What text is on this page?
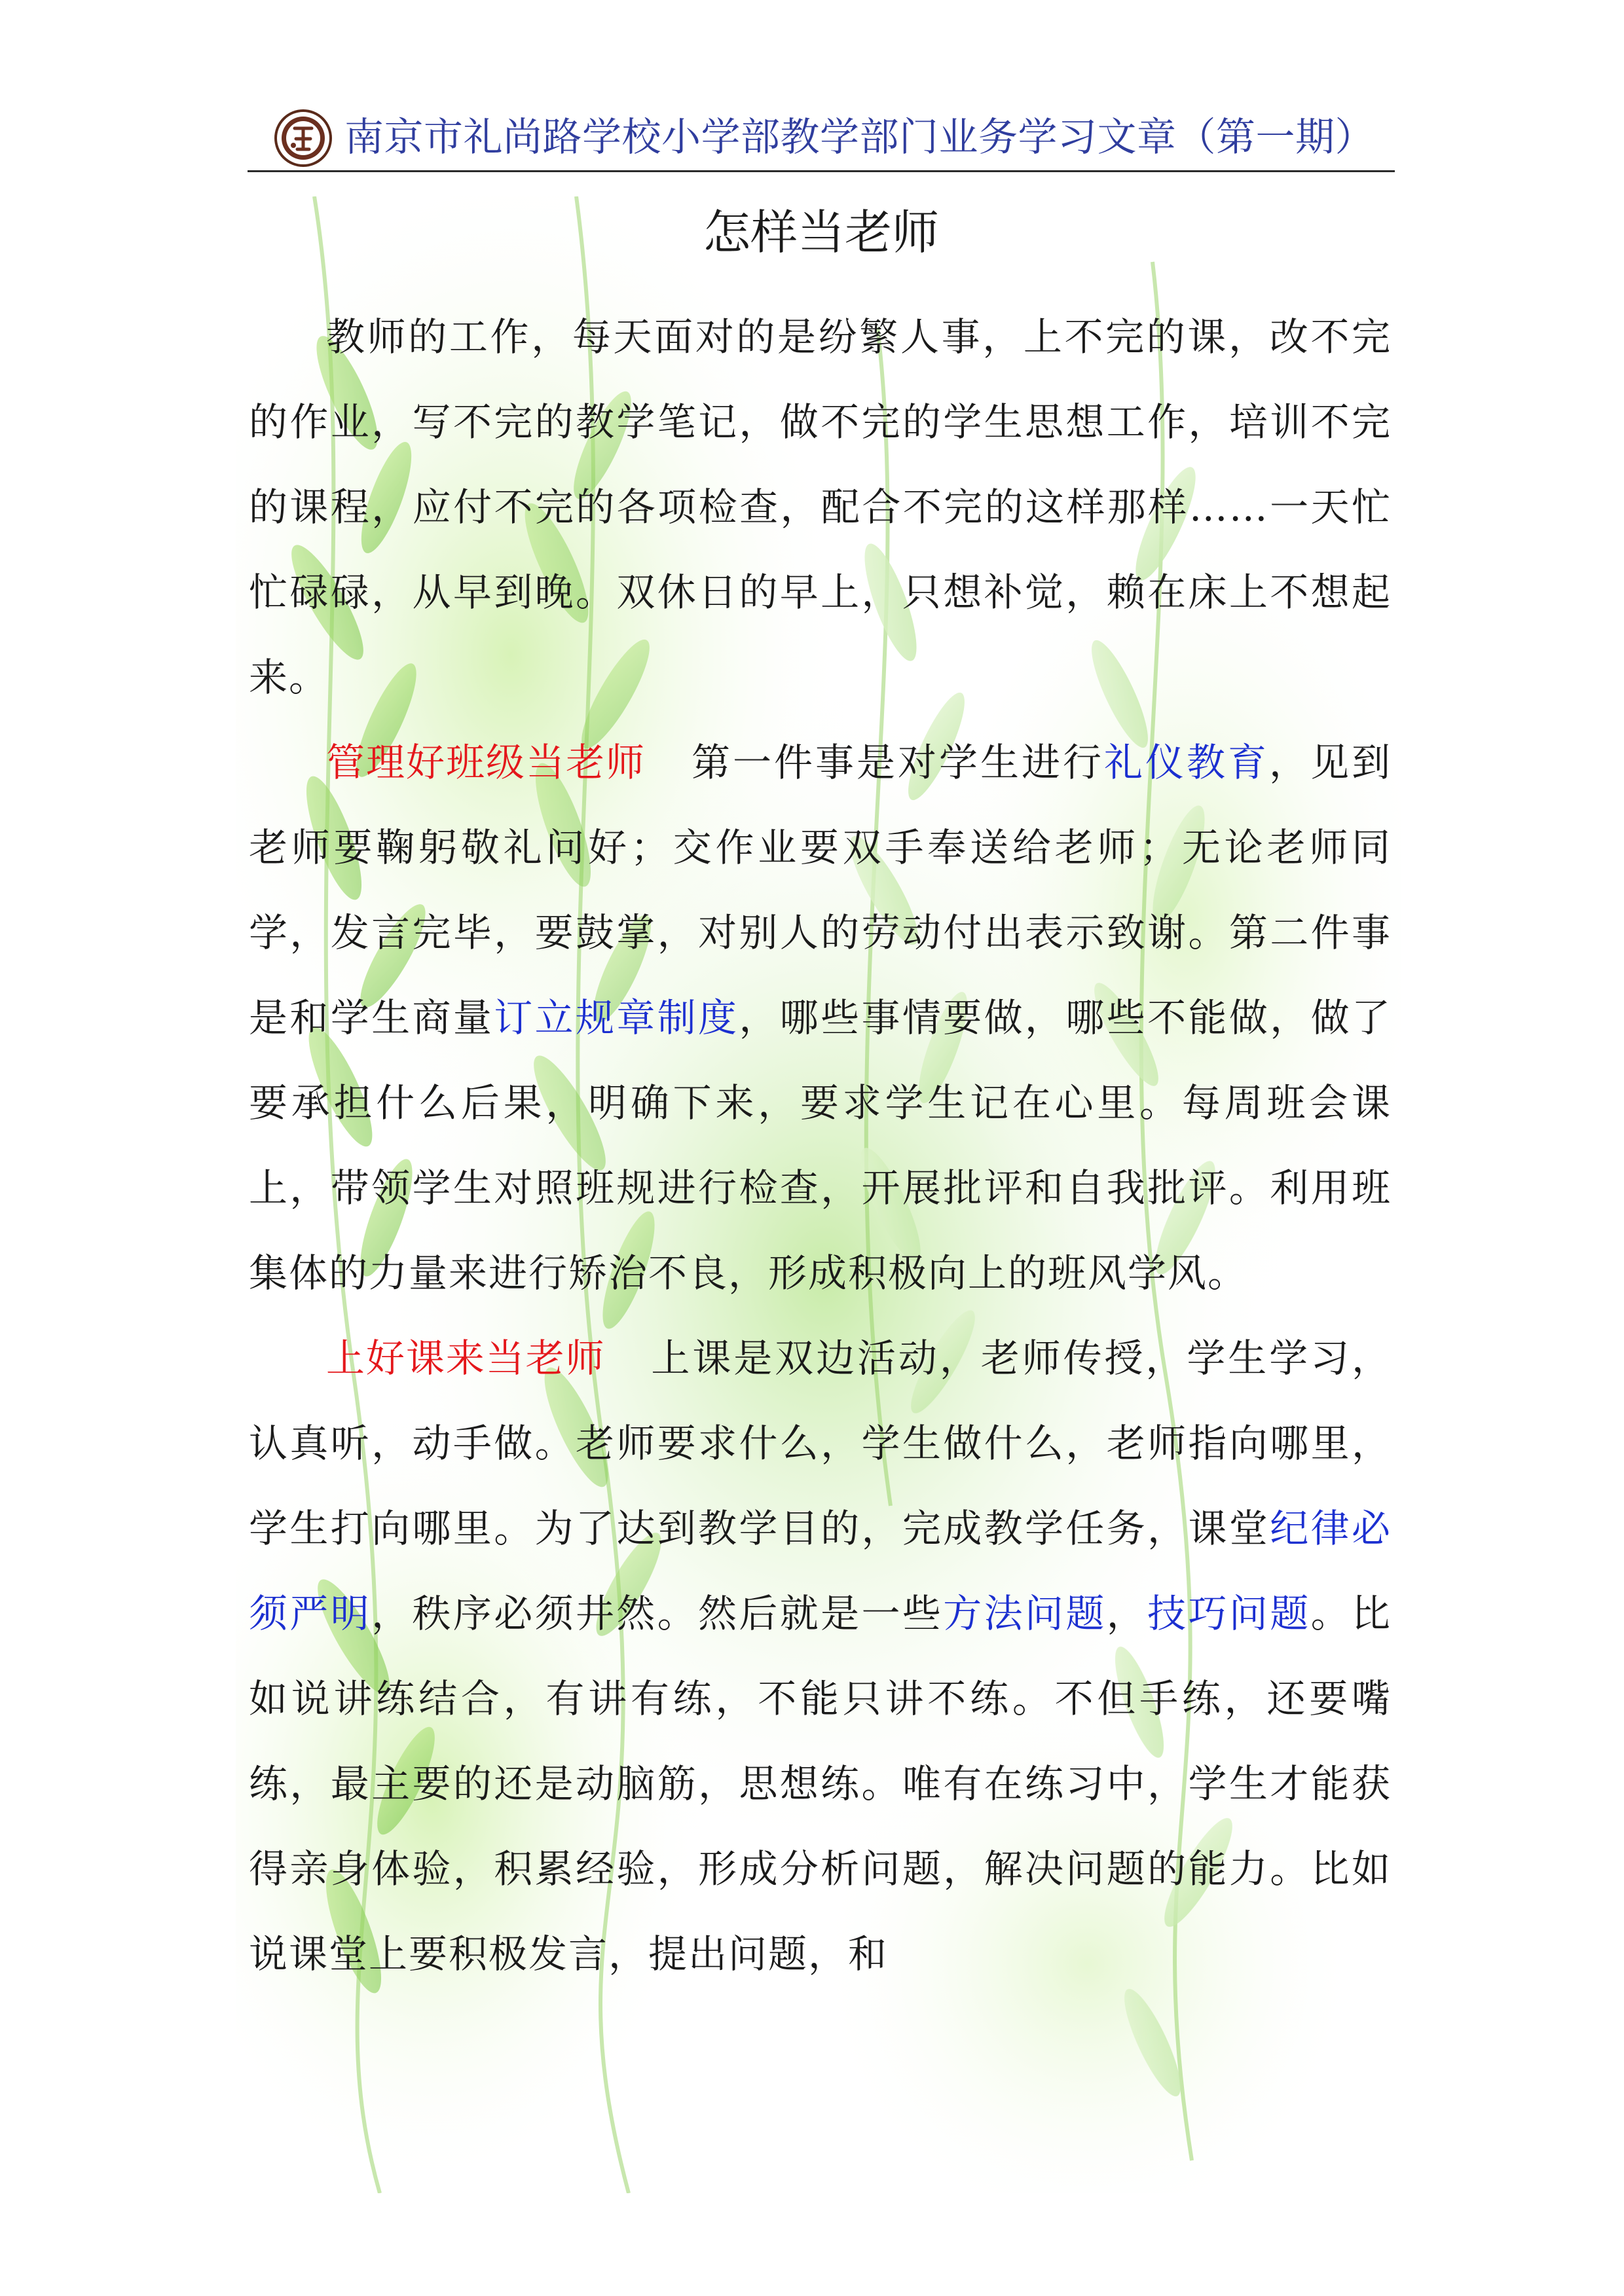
南京市礼尚路学校小学部教学部门业务学习文章（第一期）
怎样当老师

教师的工作，每天面对的是纷繁人事，上不完的课，改不完的作业，写不完的教学笔记，做不完的学生思想工作，培训不完的课程，应付不完的各项检查，配合不完的这样那样……一天忙忙碌碌，从早到晚。双休日的早上，只想补觉，赖在床上不想起来。

管理好班级当老师 第一件事是对学生进行礼仪教育，见到老师要鞠躬敬礼问好；交作业要双手奉送给老师；无论老师同学，发言完毕，要鼓掌，对别人的劳动付出表示致谢。第二件事是和学生商量订立规章制度，哪些事情要做，哪些不能做，做了要承担什么后果，明确下来，要求学生记在心里。每周班会课上，带领学生对照班规进行检查，开展批评和自我批评。利用班集体的力量来进行矫治不良，形成积极向上的班风学风。

上好课来当老师 上课是双边活动，老师传授，学生学习，认真听，动手做。老师要求什么，学生做什么，老师指向哪里，学生打向哪里。为了达到教学目的，完成教学任务，课堂纪律必须严明，秩序必须井然。然后就是一些方法问题，技巧问题。比如说讲练结合，有讲有练，不能只讲不练。不但手练，还要嘴练，最主要的还是动脑筋，思想练。唯有在练习中，学生才能获得亲身体验，积累经验，形成分析问题，解决问题的能力。比如说课堂上要积极发言，提出问题，和
